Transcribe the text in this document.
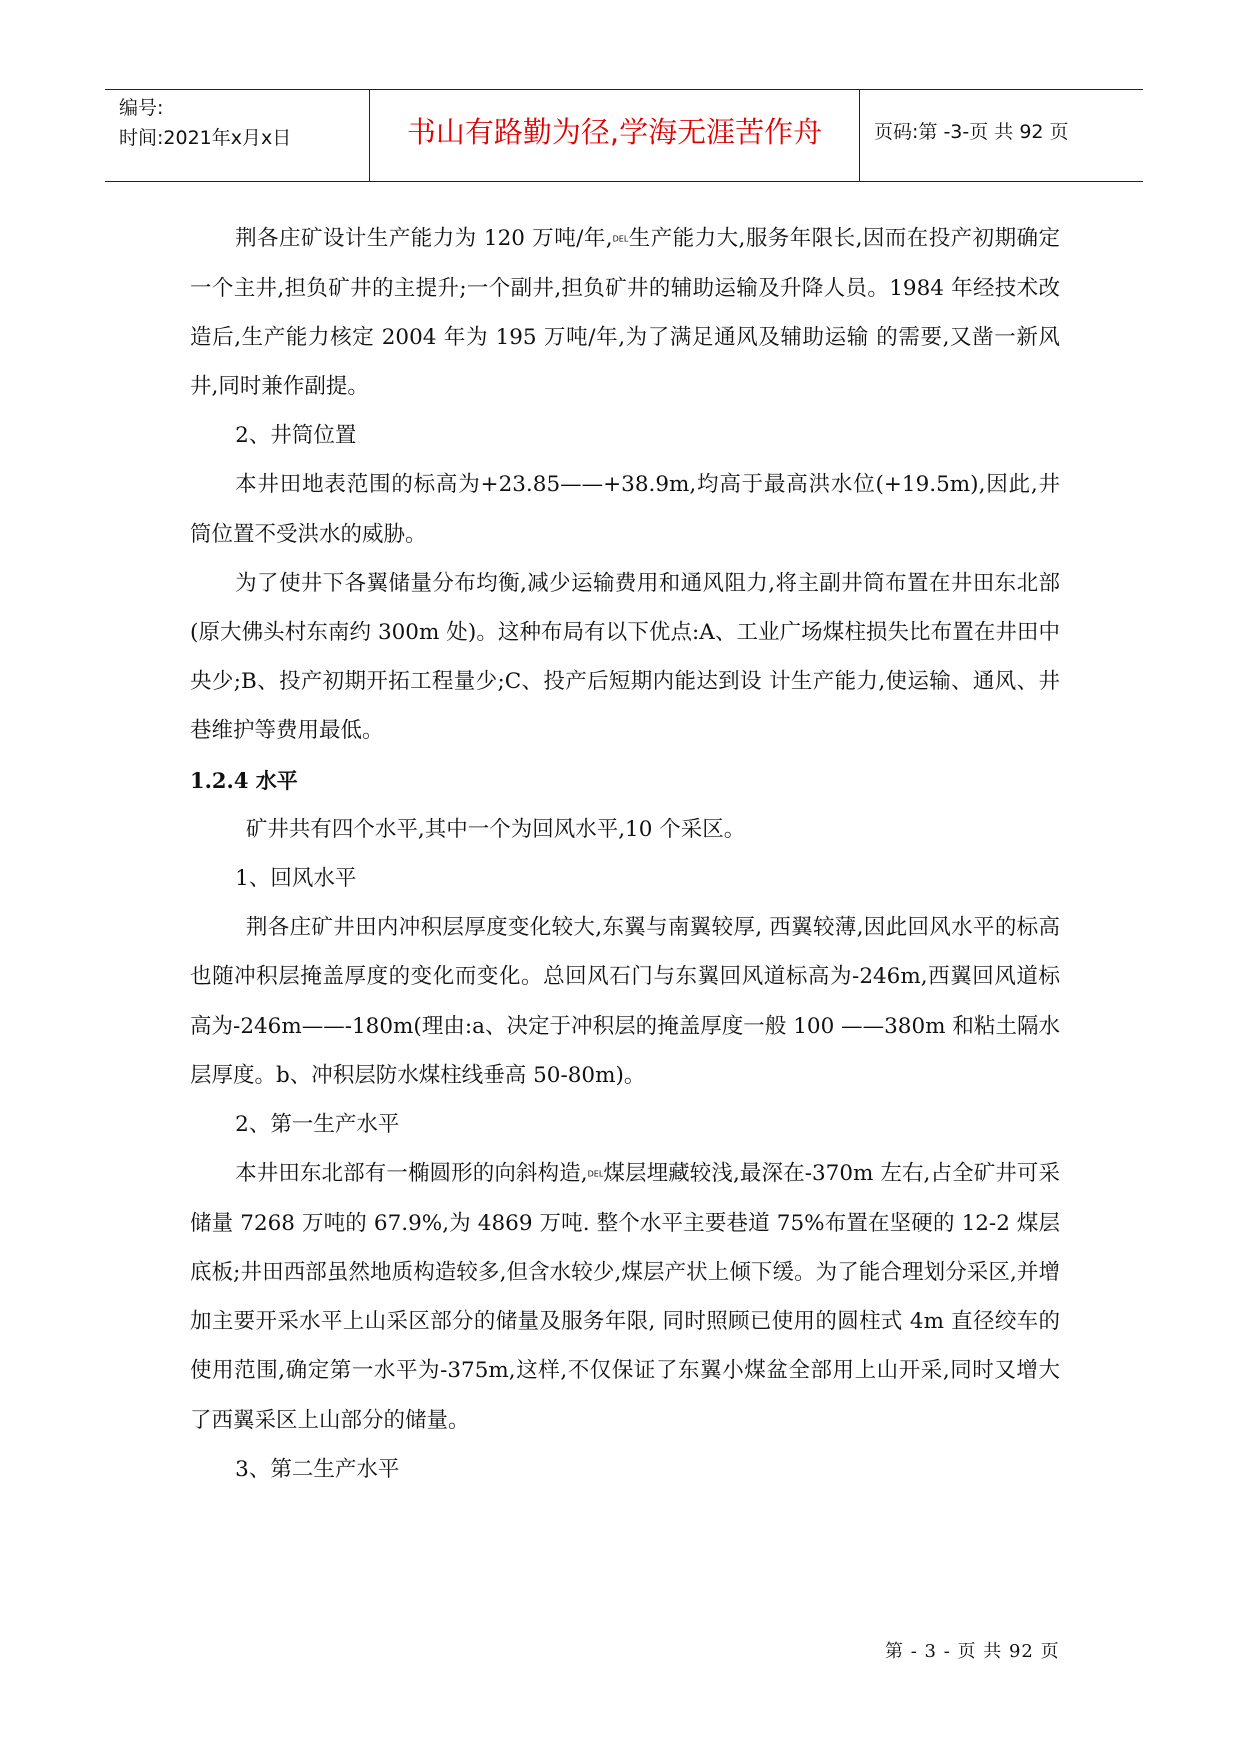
编号:
时间:2021年x月x日	书山有路勤为径,学海无涯苦作舟	页码:第 -3-页 共 92 页

荆各庄矿设计生产能力为 120 万吨/年,DEL生产能力大,服务年限长,因而在投产初期确定一个主井,担负矿井的主提升;一个副井,担负矿井的辅助运输及升降人员。1984 年经技术改造后,生产能力核定 2004 年为 195 万吨/年,为了满足通风及辅助运输 的需要,又凿一新风井,同时兼作副提。

2、井筒位置

本井田地表范围的标高为+23.85——+38.9m,均高于最高洪水位(+19.5m),因此,井筒位置不受洪水的威胁。

为了使井下各翼储量分布均衡,减少运输费用和通风阻力,将主副井筒布置在井田东北部(原大佛头村东南约 300m 处)。这种布局有以下优点:A、工业广场煤柱损失比布置在井田中央少;B、投产初期开拓工程量少;C、投产后短期内能达到设 计生产能力,使运输、通风、井巷维护等费用最低。

1.2.4 水平

矿井共有四个水平,其中一个为回风水平,10 个采区。

1、回风水平

荆各庄矿井田内冲积层厚度变化较大,东翼与南翼较厚, 西翼较薄,因此回风水平的标高也随冲积层掩盖厚度的变化而变化。总回风石门与东翼回风道标高为-246m,西翼回风道标高为-246m——-180m(理由:a、决定于冲积层的掩盖厚度一般 100 ——380m 和粘土隔水层厚度。b、冲积层防水煤柱线垂高 50-80m)。

2、第一生产水平

本井田东北部有一椭圆形的向斜构造,DEL煤层埋藏较浅,最深在-370m 左右,占全矿井可采储量 7268 万吨的 67.9%,为 4869 万吨. 整个水平主要巷道 75%布置在坚硬的 12-2 煤层底板;井田西部虽然地质构造较多,但含水较少,煤层产状上倾下缓。为了能合理划分采区,并增加主要开采水平上山采区部分的储量及服务年限, 同时照顾已使用的圆柱式 4m 直径绞车的使用范围,确定第一水平为-375m,这样,不仅保证了东翼小煤盆全部用上山开采,同时又增大了西翼采区上山部分的储量。

3、第二生产水平

第 - 3 - 页 共 92 页
